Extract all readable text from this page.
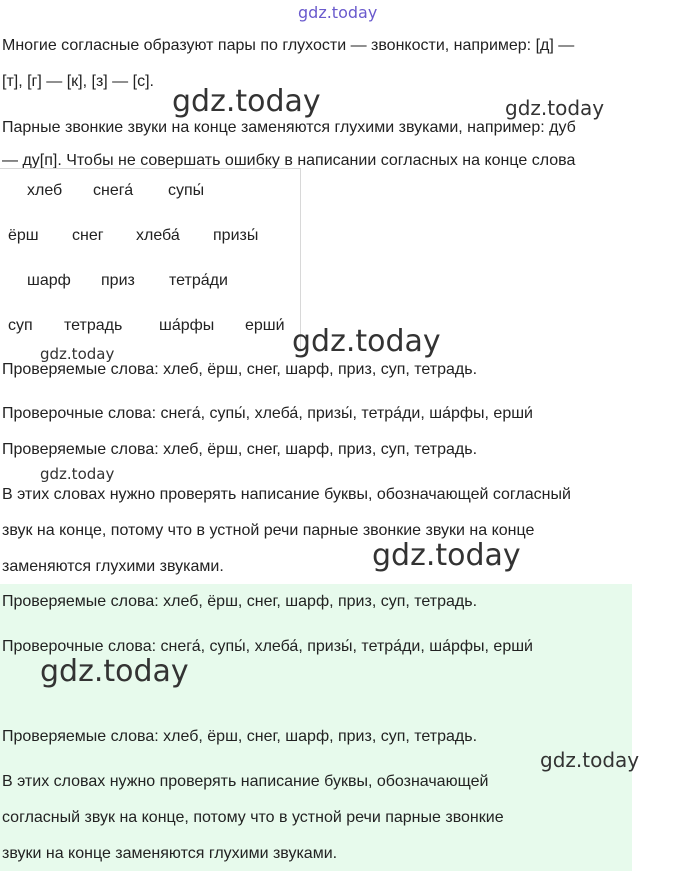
gdz.today
Многие согласные образуют пары по глухости — звонкости, например: [д] —
[т], [г] — [к], [з] — [с].
Парные звонкие звуки на конце заменяются глухими звуками, например: дуб
— ду[п]. Чтобы не совершать ошибку в написании согласных на конце слова
gdz.today	gdz.today
хлеб снега́ супы́
ёрш снег хлеба́ призы́
шарф приз тетра́ди
суп тетрадь ша́рфы ерши́ gdz.today
gdz.today
Проверяемые слова: хлеб, ёрш, снег, шарф, приз, суп, тетрадь.
Проверочные слова: снега́, супы́, хлеба́, призы́, тетра́ди, ша́рфы, ерши́
Проверяемые слова: хлеб, ёрш, снег, шарф, приз, суп, тетрадь.
gdz.today
В этих словах нужно проверять написание буквы, обозначающей согласный
звук на конце, потому что в устной речи парные звонкие звуки на конце
заменяются глухими звуками.	gdz.today
Проверяемые слова: хлеб, ёрш, снег, шарф, приз, суп, тетрадь.
Проверочные слова: снега́, супы́, хлеба́, призы́, тетра́ди, ша́рфы, ерши́
gdz.today
Проверяемые слова: хлеб, ёрш, снег, шарф, приз, суп, тетрадь.
gdz.today
В этих словах нужно проверять написание буквы, обозначающей
согласный звук на конце, потому что в устной речи парные звонкие
звуки на конце заменяются глухими звуками.
